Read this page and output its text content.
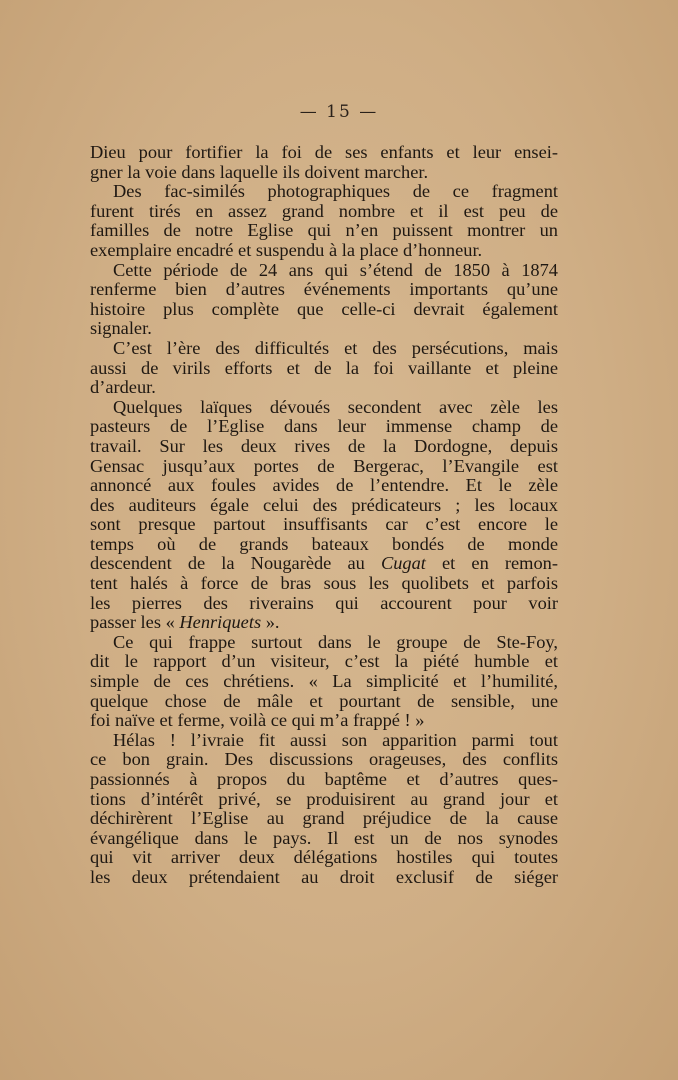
— 15 —
Dieu pour fortifier la foi de ses enfants et leur ensei-
gner la voie dans laquelle ils doivent marcher.
Des fac-similés photographiques de ce fragment
furent tirés en assez grand nombre et il est peu de
familles de notre Eglise qui n’en puissent montrer un
exemplaire encadré et suspendu à la place d’honneur.
Cette période de 24 ans qui s’étend de 1850 à 1874
renferme bien d’autres événements importants qu’une
histoire plus complète que celle-ci devrait également
signaler.
C’est l’ère des difficultés et des persécutions, mais
aussi de virils efforts et de la foi vaillante et pleine
d’ardeur.
Quelques laïques dévoués secondent avec zèle les
pasteurs de l’Eglise dans leur immense champ de
travail. Sur les deux rives de la Dordogne, depuis
Gensac jusqu’aux portes de Bergerac, l’Evangile est
annoncé aux foules avides de l’entendre. Et le zèle
des auditeurs égale celui des prédicateurs ; les locaux
sont presque partout insuffisants car c’est encore le
temps où de grands bateaux bondés de monde
descendent de la Nougarède au Cugat et en remon-
tent halés à force de bras sous les quolibets et parfois
les pierres des riverains qui accourent pour voir
passer les « Henriquets ».
Ce qui frappe surtout dans le groupe de Ste-Foy,
dit le rapport d’un visiteur, c’est la piété humble et
simple de ces chrétiens. « La simplicité et l’humilité,
quelque chose de mâle et pourtant de sensible, une
foi naïve et ferme, voilà ce qui m’a frappé ! »
Hélas ! l’ivraie fit aussi son apparition parmi tout
ce bon grain. Des discussions orageuses, des conflits
passionnés à propos du baptême et d’autres ques-
tions d’intérêt privé, se produisirent au grand jour et
déchirèrent l’Eglise au grand préjudice de la cause
évangélique dans le pays. Il est un de nos synodes
qui vit arriver deux délégations hostiles qui toutes
les deux prétendaient au droit exclusif de siéger
